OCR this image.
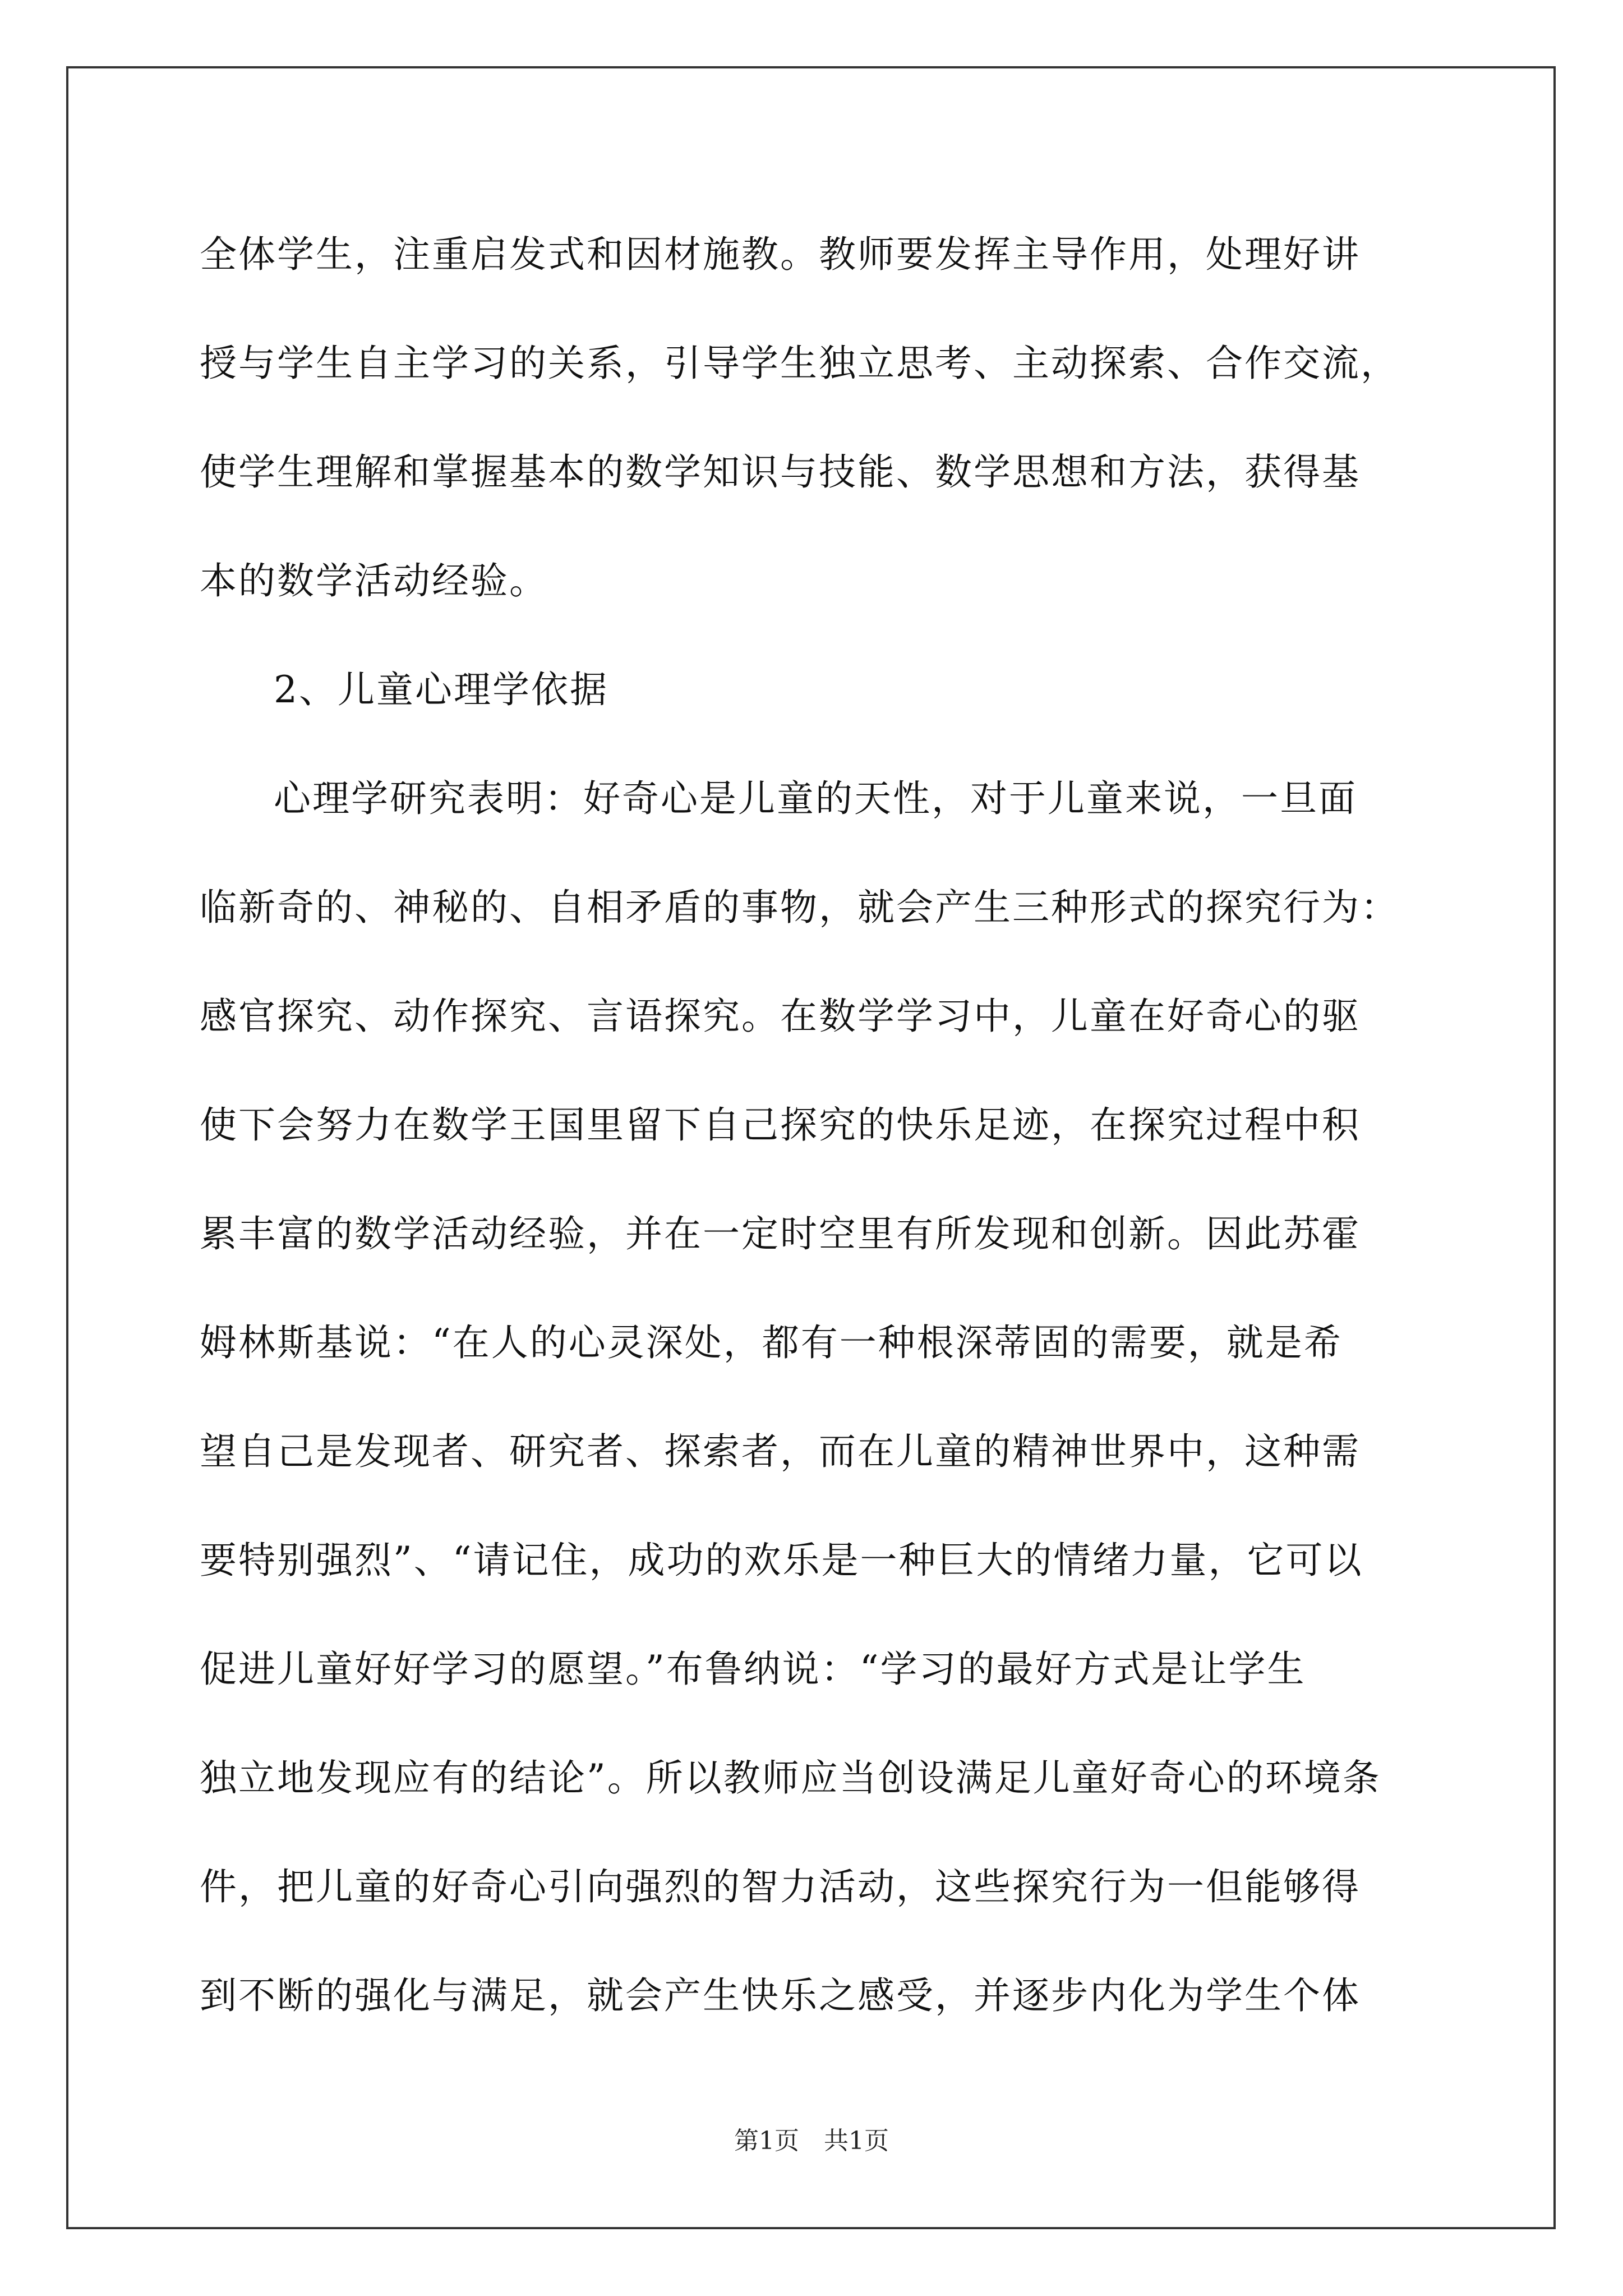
全体学生，注重启发式和因材施教。教师要发挥主导作用，处理好讲
授与学生自主学习的关系，引导学生独立思考、主动探索、合作交流，
使学生理解和掌握基本的数学知识与技能、数学思想和方法，获得基
本的数学活动经验。
2、儿童心理学依据
心理学研究表明：好奇心是儿童的天性，对于儿童来说，一旦面
临新奇的、神秘的、自相矛盾的事物，就会产生三种形式的探究行为：
感官探究、动作探究、言语探究。在数学学习中，儿童在好奇心的驱
使下会努力在数学王国里留下自己探究的快乐足迹，在探究过程中积
累丰富的数学活动经验，并在一定时空里有所发现和创新。因此苏霍
姆林斯基说：“在人的心灵深处，都有一种根深蒂固的需要，就是希
望自己是发现者、研究者、探索者，而在儿童的精神世界中，这种需
要特别强烈”、“请记住，成功的欢乐是一种巨大的情绪力量，它可以
促进儿童好好学习的愿望。”布鲁纳说：“学习的最好方式是让学生
独立地发现应有的结论”。所以教师应当创设满足儿童好奇心的环境条
件，把儿童的好奇心引向强烈的智力活动，这些探究行为一但能够得
到不断的强化与满足，就会产生快乐之感受，并逐步内化为学生个体
第1页　共1页
